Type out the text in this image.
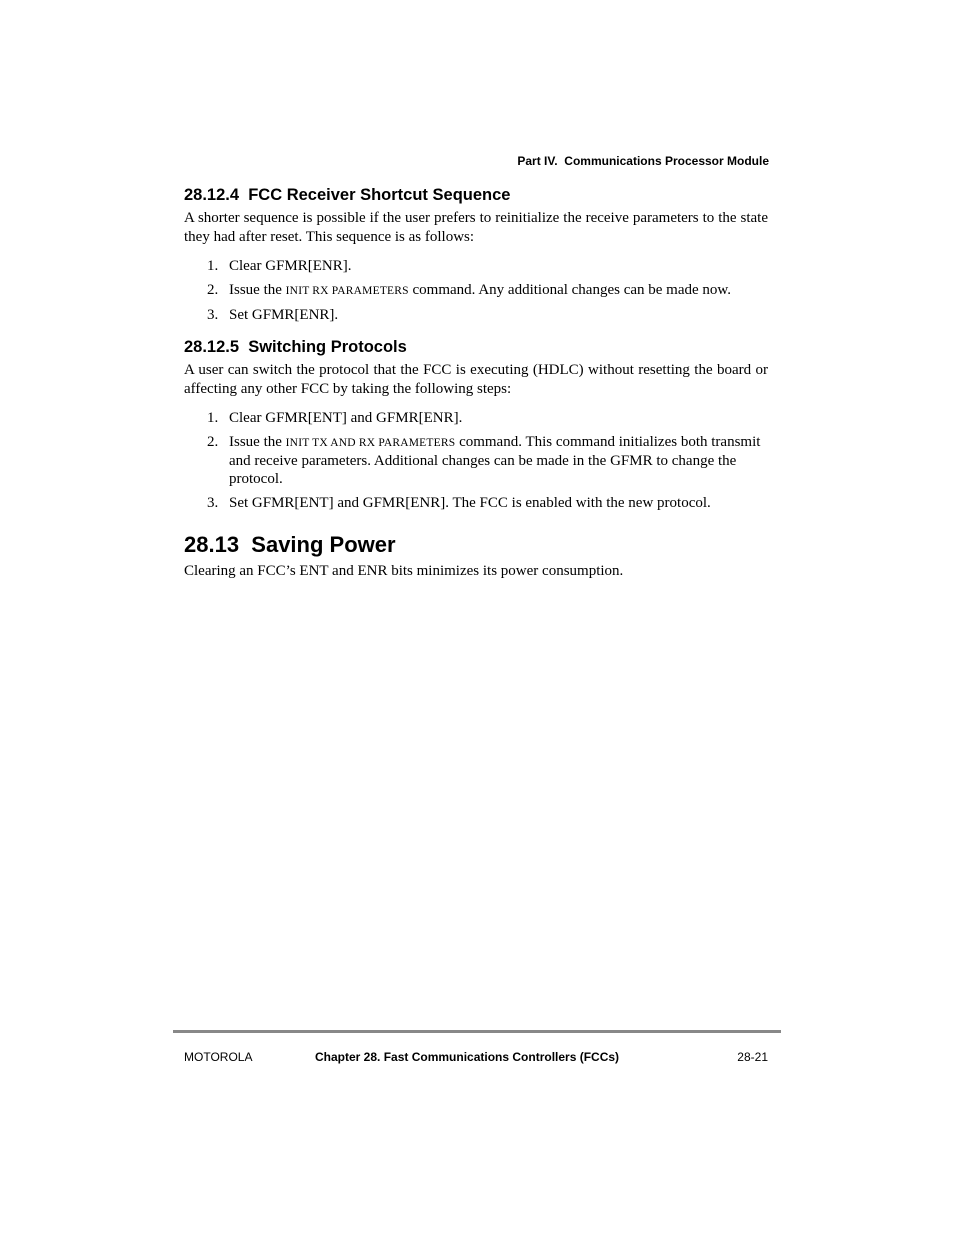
Part IV.  Communications Processor Module
28.12.4  FCC Receiver Shortcut Sequence

A shorter sequence is possible if the user prefers to reinitialize the receive parameters to the state they had after reset. This sequence is as follows:

1. Clear GFMR[ENR].
2. Issue the INIT RX PARAMETERS command. Any additional changes can be made now.
3. Set GFMR[ENR].
28.12.5  Switching Protocols

A user can switch the protocol that the FCC is executing (HDLC) without resetting the board or affecting any other FCC by taking the following steps:

1. Clear GFMR[ENT] and GFMR[ENR].
2. Issue the INIT TX AND RX PARAMETERS command. This command initializes both transmit and receive parameters. Additional changes can be made in the GFMR to change the protocol.
3. Set GFMR[ENT] and GFMR[ENR]. The FCC is enabled with the new protocol.
28.13  Saving Power

Clearing an FCC’s ENT and ENR bits minimizes its power consumption.

MOTOROLA	Chapter 28. Fast Communications Controllers (FCCs)	28-21
